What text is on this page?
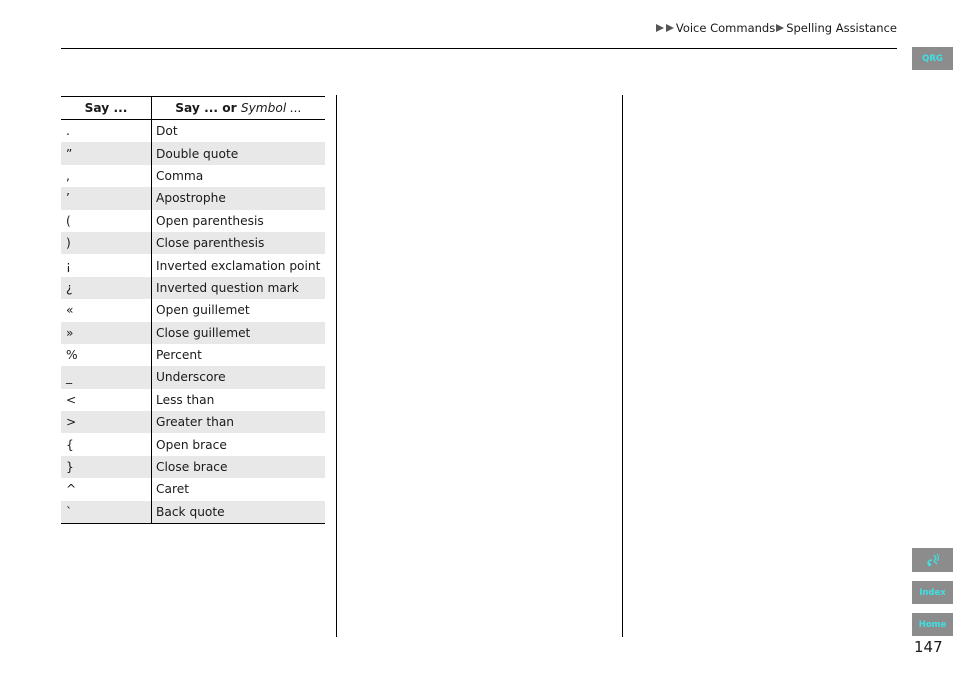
Voice Commands Spelling Assistance
Say ...	Say ... or Symbol ...
.	Dot
”	Double quote
,	Comma
’	Apostrophe
(	Open parenthesis
)	Close parenthesis
¡	Inverted exclamation point
¿	Inverted question mark
«	Open guillemet
»	Close guillemet
%	Percent
_	Underscore
<	Less than
>	Greater than
{	Open brace
}	Close brace
^	Caret
`	Back quote
QRG
Index
Home
147
